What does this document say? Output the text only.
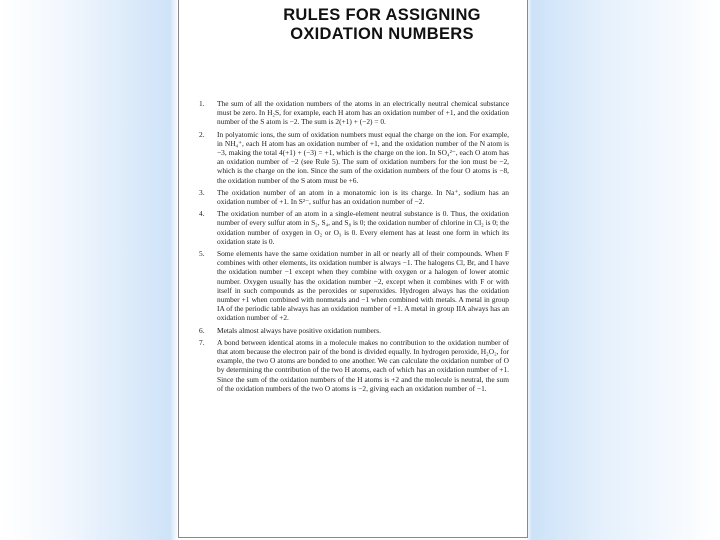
RULES FOR ASSIGNING
OXIDATION NUMBERS
1.	The sum of all the oxidation numbers of the atoms in an electrically neutral chemical substance must be zero. In H₂S, for example, each H atom has an oxidation number of +1, and the oxidation number of the S atom is −2. The sum is 2(+1) + (−2) = 0.
2.	In polyatomic ions, the sum of oxidation numbers must equal the charge on the ion. For example, in NH₄⁺, each H atom has an oxidation number of +1, and the oxidation number of the N atom is −3, making the total 4(+1) + (−3) = +1, which is the charge on the ion. In SO₄²⁻, each O atom has an oxidation number of −2 (see Rule 5). The sum of oxidation numbers for the ion must be −2, which is the charge on the ion. Since the sum of the oxidation numbers of the four O atoms is −8, the oxidation number of the S atom must be +6.
3.	The oxidation number of an atom in a monatomic ion is its charge. In Na⁺, sodium has an oxidation number of +1. In S²⁻, sulfur has an oxidation number of −2.
4.	The oxidation number of an atom in a single-element neutral substance is 0. Thus, the oxidation number of every sulfur atom in S₂, S₄, and S₈ is 0; the oxidation number of chlorine in Cl₂ is 0; the oxidation number of oxygen in O₂ or O₃ is 0. Every element has at least one form in which its oxidation state is 0.
5.	Some elements have the same oxidation number in all or nearly all of their compounds. When F combines with other elements, its oxidation number is always −1. The halogens Cl, Br, and I have the oxidation number −1 except when they combine with oxygen or a halogen of lower atomic number. Oxygen usually has the oxidation number −2, except when it combines with F or with itself in such compounds as the peroxides or superoxides. Hydrogen always has the oxidation number +1 when combined with nonmetals and −1 when combined with metals. A metal in group IA of the periodic table always has an oxidation number of +1. A metal in group IIA always has an oxidation number of +2.
6.	Metals almost always have positive oxidation numbers.
7.	A bond between identical atoms in a molecule makes no contribution to the oxidation number of that atom because the electron pair of the bond is divided equally. In hydrogen peroxide, H₂O₂, for example, the two O atoms are bonded to one another. We can calculate the oxidation number of O by determining the contribution of the two H atoms, each of which has an oxidation number of +1. Since the sum of the oxidation numbers of the H atoms is +2 and the molecule is neutral, the sum of the oxidation numbers of the two O atoms is −2, giving each an oxidation number of −1.
